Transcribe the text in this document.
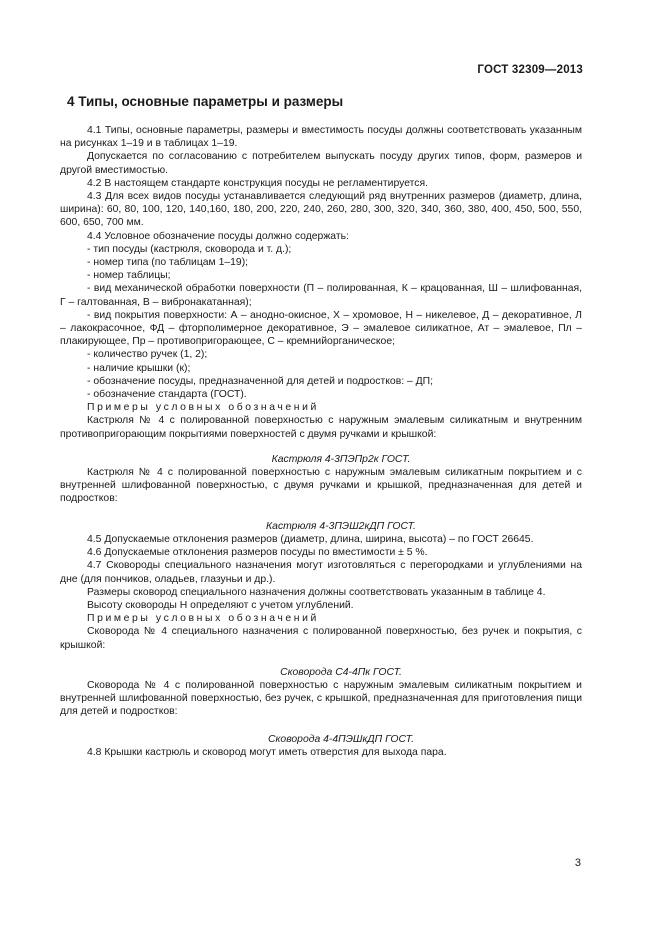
ГОСТ 32309—2013
4 Типы, основные параметры и размеры

4.1 Типы, основные параметры, размеры и вместимость посуды должны соответствовать указанным на рисунках 1–19 и в таблицах 1–19.

Допускается по согласованию с потребителем выпускать посуду других типов, форм, размеров и другой вместимостью.

4.2 В настоящем стандарте конструкция посуды не регламентируется.

4.3 Для всех видов посуды устанавливается следующий ряд внутренних размеров (диаметр, длина, ширина): 60, 80, 100, 120, 140,160, 180, 200, 220, 240, 260, 280, 300, 320, 340, 360, 380, 400, 450, 500, 550, 600, 650, 700 мм.

4.4 Условное обозначение посуды должно содержать:

- тип посуды (кастрюля, сковорода и т. д.);

- номер типа (по таблицам 1–19);

- номер таблицы;

- вид механической обработки поверхности (П – полированная, К – крацованная, Ш – шлифованная, Г – галтованная, В – вибронакатанная);

- вид покрытия поверхности: А – анодно-окисное, Х – хромовое, Н – никелевое, Д – декоративное, Л – лакокрасочное, ФД – фторполимерное декоративное, Э – эмалевое силикатное, Ат – эмалевое, Пл – плакирующее, Пр – противопригорающее, С – кремнийорганическое;

- количество ручек (1, 2);

- наличие крышки (к);

- обозначение посуды, предназначенной для детей и подростков: – ДП;

- обозначение стандарта (ГОСТ).

Примеры условных обозначений

Кастрюля № 4 с полированной поверхностью с наружным эмалевым силикатным и внутренним противопригорающим покрытиями поверхностей с двумя ручками и крышкой:

Кастрюля 4-3ПЭПр2к ГОСТ.

Кастрюля № 4 с полированной поверхностью с наружным эмалевым силикатным покрытием и с внутренней шлифованной поверхностью, с двумя ручками и крышкой, предназначенная для детей и подростков:

Кастрюля 4-3ПЭШ2кДП ГОСТ.

4.5 Допускаемые отклонения размеров (диаметр, длина, ширина, высота) – по ГОСТ 26645.

4.6 Допускаемые отклонения размеров посуды по вместимости ± 5 %.

4.7 Сковороды специального назначения могут изготовляться с перегородками и углублениями на дне (для пончиков, оладьев, глазуньи и др.).

Размеры сковород специального назначения должны соответствовать указанным в таблице 4.

Высоту сковороды H определяют с учетом углублений.

Примеры условных обозначений

Сковорода № 4 специального назначения с полированной поверхностью, без ручек и покрытия, с крышкой:

Сковорода С4-4Пк ГОСТ.

Сковорода № 4 с полированной поверхностью с наружным эмалевым силикатным покрытием и внутренней шлифованной поверхностью, без ручек, с крышкой, предназначенная для приготовления пищи для детей и подростков:

Сковорода 4-4ПЭШкДП ГОСТ.

4.8 Крышки кастрюль и сковород могут иметь отверстия для выхода пара.

3
